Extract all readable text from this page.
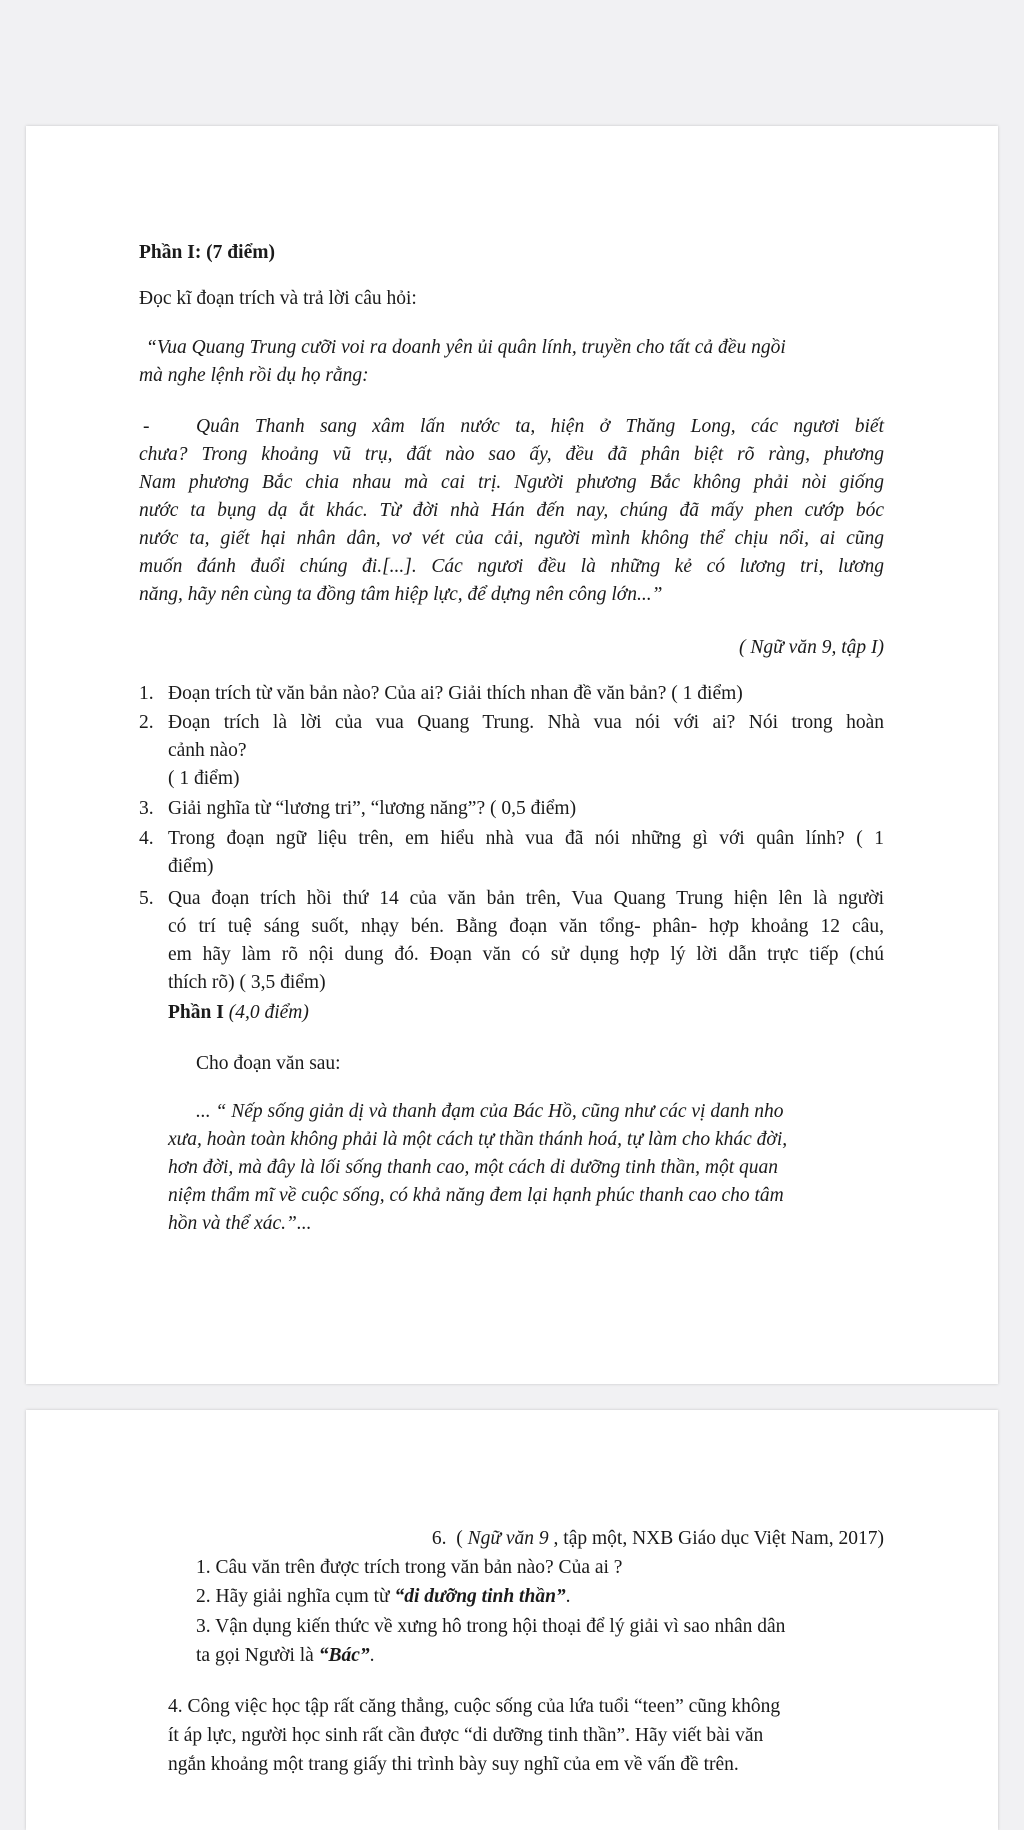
Phần I: (7 điểm)
Đọc kĩ đoạn trích và trả lời câu hỏi:
“Vua Quang Trung cưỡi voi ra doanh yên ủi quân lính, truyền cho tất cả đều ngồi
mà nghe lệnh rồi dụ họ rằng:
- Quân Thanh sang xâm lấn nước ta, hiện ở Thăng Long, các ngươi biết
chưa? Trong khoảng vũ trụ, đất nào sao ấy, đều đã phân biệt rõ ràng, phương
Nam phương Bắc chia nhau mà cai trị. Người phương Bắc không phải nòi giống
nước ta bụng dạ ắt khác. Từ đời nhà Hán đến nay, chúng đã mấy phen cướp bóc
nước ta, giết hại nhân dân, vơ vét của cải, người mình không thể chịu nổi, ai cũng
muốn đánh đuổi chúng đi.[...]. Các ngươi đều là những kẻ có lương tri, lương
năng, hãy nên cùng ta đồng tâm hiệp lực, để dựng nên công lớn...”
( Ngữ văn 9, tập I)
1. Đoạn trích từ văn bản nào? Của ai? Giải thích nhan đề văn bản? ( 1 điểm)
2. Đoạn trích là lời của vua Quang Trung. Nhà vua nói với ai? Nói trong hoàn
cảnh nào?
( 1 điểm)
3. Giải nghĩa từ “lương tri”, “lương năng”? ( 0,5 điểm)
4. Trong đoạn ngữ liệu trên, em hiểu nhà vua đã nói những gì với quân lính? ( 1
điểm)
5. Qua đoạn trích hồi thứ 14 của văn bản trên, Vua Quang Trung hiện lên là người
có trí tuệ sáng suốt, nhạy bén. Bằng đoạn văn tổng- phân- hợp khoảng 12 câu,
em hãy làm rõ nội dung đó. Đoạn văn có sử dụng hợp lý lời dẫn trực tiếp (chú
thích rõ) ( 3,5 điểm)
Phần I (4,0 điểm)
Cho đoạn văn sau:
... “ Nếp sống giản dị và thanh đạm của Bác Hồ, cũng như các vị danh nho
xưa, hoàn toàn không phải là một cách tự thần thánh hoá, tự làm cho khác đời,
hơn đời, mà đây là lối sống thanh cao, một cách di dưỡng tinh thần, một quan
niệm thẩm mĩ về cuộc sống, có khả năng đem lại hạnh phúc thanh cao cho tâm
hồn và thể xác.”...
6. ( Ngữ văn 9 , tập một, NXB Giáo dục Việt Nam, 2017)
1. Câu văn trên được trích trong văn bản nào? Của ai ?
2. Hãy giải nghĩa cụm từ “di dưỡng tinh thần”.
3. Vận dụng kiến thức về xưng hô trong hội thoại để lý giải vì sao nhân dân
ta gọi Người là “Bác”.
4. Công việc học tập rất căng thẳng, cuộc sống của lứa tuổi “teen” cũng không
ít áp lực, người học sinh rất cần được “di dưỡng tinh thần”. Hãy viết bài văn
ngắn khoảng một trang giấy thi trình bày suy nghĩ của em về vấn đề trên.
